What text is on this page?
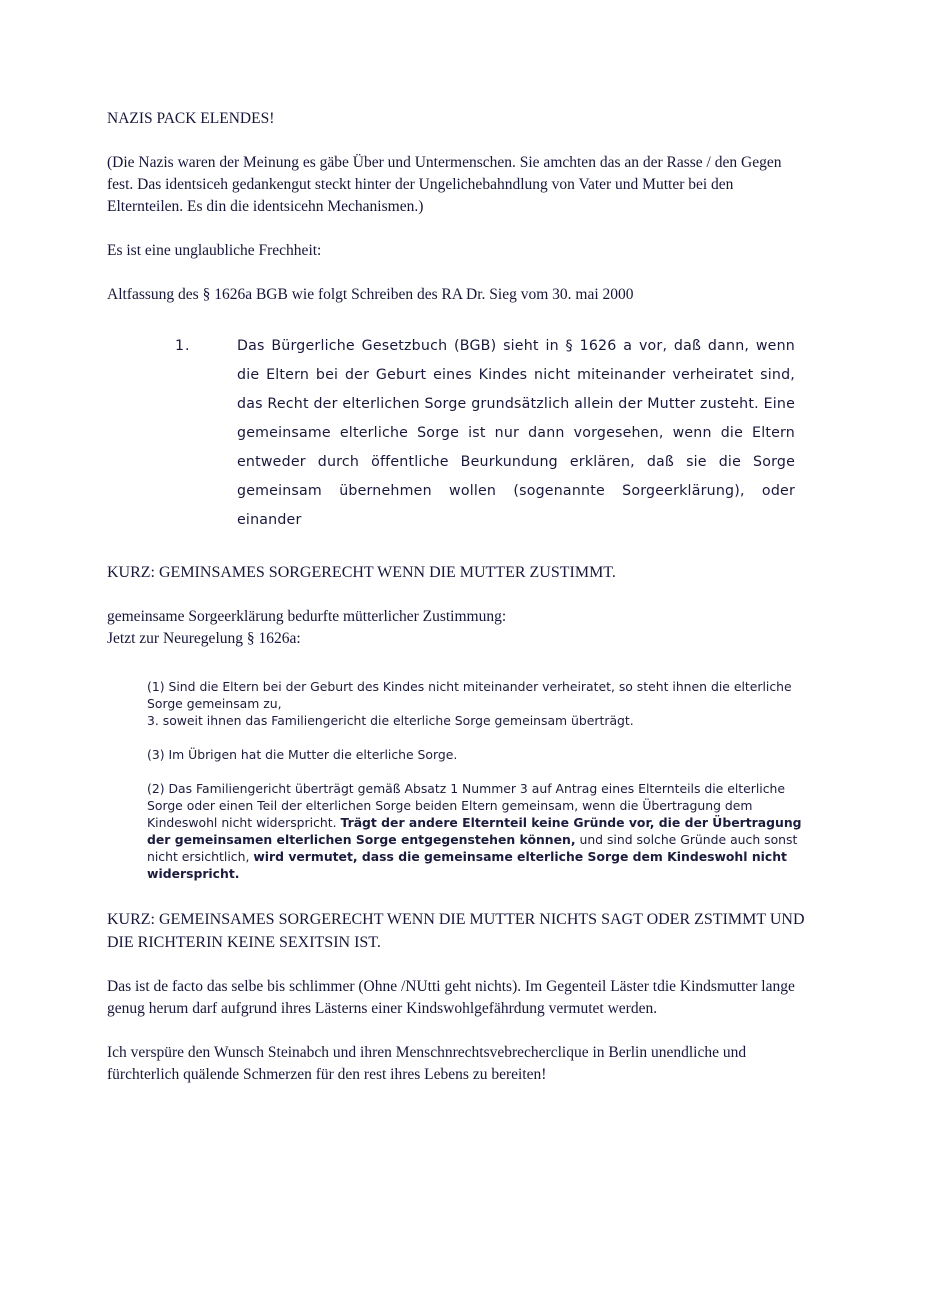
NAZIS PACK ELENDES!

(Die Nazis waren der Meinung es gäbe Über und Untermenschen. Sie amchten das an der Rasse / den Gegen fest. Das identsiceh gedankengut steckt hinter der Ungelichebahndlung von Vater und Mutter bei den Elternteilen. Es din die identsicehn Mechanismen.)

Es ist eine unglaubliche Frechheit:

Altfassung des § 1626a BGB wie folgt Schreiben des RA Dr. Sieg vom 30. mai 2000

1.	Das Bürgerliche Gesetzbuch (BGB) sieht in § 1626 a vor, daß dann, wenn die Eltern bei der Geburt eines Kindes nicht miteinander verheiratet sind, das Recht der elterlichen Sorge grundsätzlich allein der Mutter zusteht. Eine gemeinsame elterliche Sorge ist nur dann vorgesehen, wenn die Eltern entweder durch öffentliche Beurkundung erklären, daß sie die Sorge gemeinsam übernehmen wollen (sogenannte Sorgeerklärung), oder einander

KURZ: GEMINSAMES SORGERECHT WENN DIE MUTTER ZUSTIMMT.

gemeinsame Sorgeerklärung bedurfte mütterlicher Zustimmung:

Jetzt zur Neuregelung § 1626a:

(1) Sind die Eltern bei der Geburt des Kindes nicht miteinander verheiratet, so steht ihnen die elterliche Sorge gemeinsam zu,

3. soweit ihnen das Familiengericht die elterliche Sorge gemeinsam überträgt.

(3) Im Übrigen hat die Mutter die elterliche Sorge.

(2) Das Familiengericht überträgt gemäß Absatz 1 Nummer 3 auf Antrag eines Elternteils die elterliche Sorge oder einen Teil der elterlichen Sorge beiden Eltern gemeinsam, wenn die Übertragung dem Kindeswohl nicht widerspricht. Trägt der andere Elternteil keine Gründe vor, die der Übertragung der gemeinsamen elterlichen Sorge entgegenstehen können, und sind solche Gründe auch sonst nicht ersichtlich, wird vermutet, dass die gemeinsame elterliche Sorge dem Kindeswohl nicht widerspricht.

KURZ: GEMEINSAMES SORGERECHT WENN DIE MUTTER NICHTS SAGT ODER ZSTIMMT UND DIE RICHTERIN KEINE SEXITSIN IST.

Das ist de facto das selbe bis schlimmer (Ohne /NUtti geht nichts). Im Gegenteil Läster tdie Kindsmutter lange genug herum darf aufgrund ihres Lästerns einer Kindswohlgefährdung vermutet werden.

Ich verspüre den Wunsch Steinabch und ihren Menschnrechtsvebrecherclique in Berlin unendliche und fürchterlich quälende Schmerzen für den rest ihres Lebens zu bereiten!
